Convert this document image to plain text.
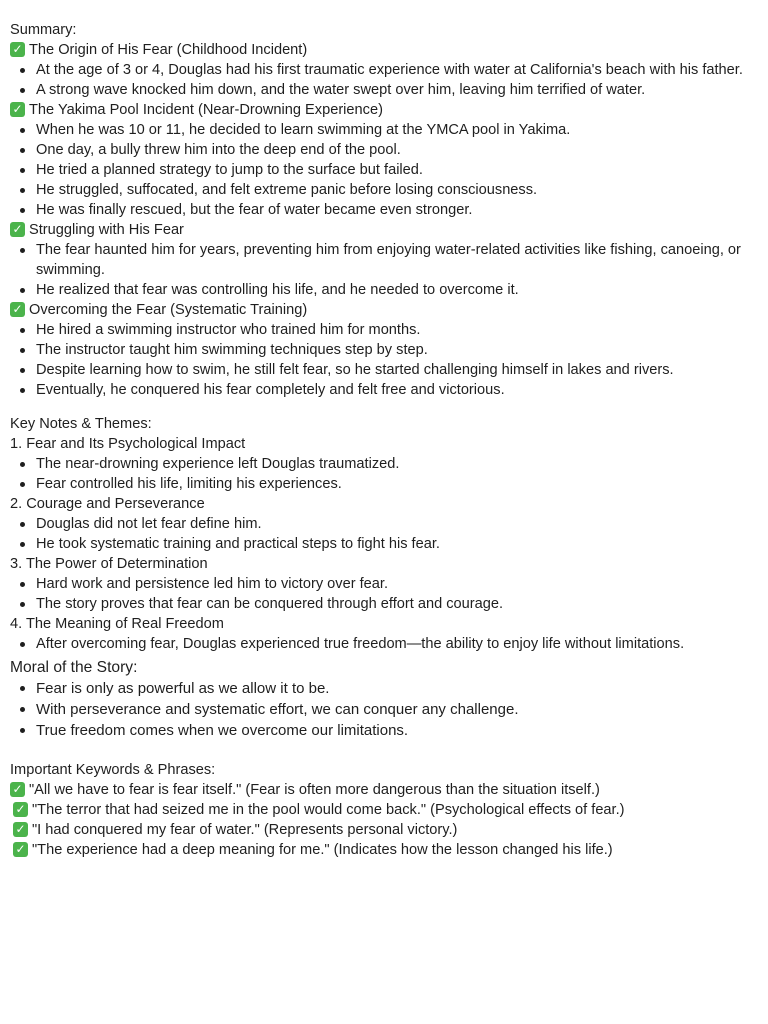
Summary:
✓ The Origin of His Fear (Childhood Incident)
At the age of 3 or 4, Douglas had his first traumatic experience with water at California's beach with his father.
A strong wave knocked him down, and the water swept over him, leaving him terrified of water.
✓ The Yakima Pool Incident (Near-Drowning Experience)
When he was 10 or 11, he decided to learn swimming at the YMCA pool in Yakima.
One day, a bully threw him into the deep end of the pool.
He tried a planned strategy to jump to the surface but failed.
He struggled, suffocated, and felt extreme panic before losing consciousness.
He was finally rescued, but the fear of water became even stronger.
✓ Struggling with His Fear
The fear haunted him for years, preventing him from enjoying water-related activities like fishing, canoeing, or swimming.
He realized that fear was controlling his life, and he needed to overcome it.
✓ Overcoming the Fear (Systematic Training)
He hired a swimming instructor who trained him for months.
The instructor taught him swimming techniques step by step.
Despite learning how to swim, he still felt fear, so he started challenging himself in lakes and rivers.
Eventually, he conquered his fear completely and felt free and victorious.
Key Notes & Themes:
1. Fear and Its Psychological Impact
The near-drowning experience left Douglas traumatized.
Fear controlled his life, limiting his experiences.
2. Courage and Perseverance
Douglas did not let fear define him.
He took systematic training and practical steps to fight his fear.
3. The Power of Determination
Hard work and persistence led him to victory over fear.
The story proves that fear can be conquered through effort and courage.
4. The Meaning of Real Freedom
After overcoming fear, Douglas experienced true freedom—the ability to enjoy life without limitations.
Moral of the Story:
Fear is only as powerful as we allow it to be.
With perseverance and systematic effort, we can conquer any challenge.
True freedom comes when we overcome our limitations.
Important Keywords & Phrases:
✓ "All we have to fear is fear itself." (Fear is often more dangerous than the situation itself.)
✓ "The terror that had seized me in the pool would come back." (Psychological effects of fear.)
✓ "I had conquered my fear of water." (Represents personal victory.)
✓ "The experience had a deep meaning for me." (Indicates how the lesson changed his life.)
